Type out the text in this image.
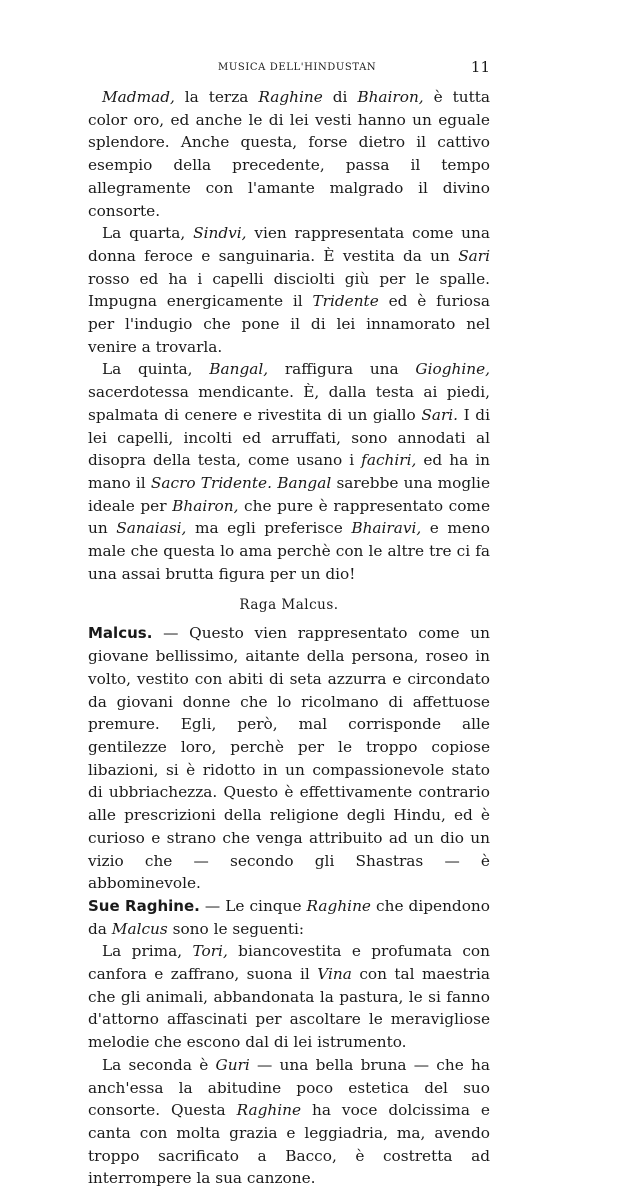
MUSICA DELL'HINDUSTAN	11

Madmad, la terza Raghine di Bhairon, è tutta color oro, ed anche le di lei vesti hanno un eguale splendore. Anche questa, forse dietro il cattivo esempio della precedente, passa il tempo allegramente con l'amante malgrado il divino consorte.

La quarta, Sindvi, vien rappresentata come una donna feroce e sanguinaria. È vestita da un Sari rosso ed ha i capelli disciolti giù per le spalle. Impugna energicamente il Tridente ed è furiosa per l'indugio che pone il di lei innamorato nel venire a trovarla.

La quinta, Bangal, raffigura una Gioghine, sacerdotessa mendicante. È, dalla testa ai piedi, spalmata di cenere e rivestita di un giallo Sari. I di lei capelli, incolti ed arruffati, sono annodati al disopra della testa, come usano i fachiri, ed ha in mano il Sacro Tridente. Bangal sarebbe una moglie ideale per Bhairon, che pure è rappresentato come un Sanaiasi, ma egli preferisce Bhairavi, e meno male che questa lo ama perchè con le altre tre ci fa una assai brutta figura per un dio!

Raga Malcus.

Malcus. — Questo vien rappresentato come un giovane bellissimo, aitante della persona, roseo in volto, vestito con abiti di seta azzurra e circondato da giovani donne che lo ricolmano di affettuose premure. Egli, però, mal corrisponde alle gentilezze loro, perchè per le troppo copiose libazioni, si è ridotto in un compassionevole stato di ubbriachezza. Questo è effettivamente contrario alle prescrizioni della religione degli Hindu, ed è curioso e strano che venga attribuito ad un dio un vizio che — secondo gli Shastras — è abbominevole.

Sue Raghine. — Le cinque Raghine che dipendono da Malcus sono le seguenti:

La prima, Tori, biancovestita e profumata con canfora e zaffrano, suona il Vina con tal maestria che gli animali, abbandonata la pastura, le si fanno d'attorno affascinati per ascoltare le meravigliose melodie che escono dal di lei istrumento.

La seconda è Guri — una bella bruna — che ha anch'essa la abitudine poco estetica del suo consorte. Questa Raghine ha voce dolcissima e canta con molta grazia e leggiadria, ma, avendo troppo sacrificato a Bacco, è costretta ad interrompere la sua canzone.
